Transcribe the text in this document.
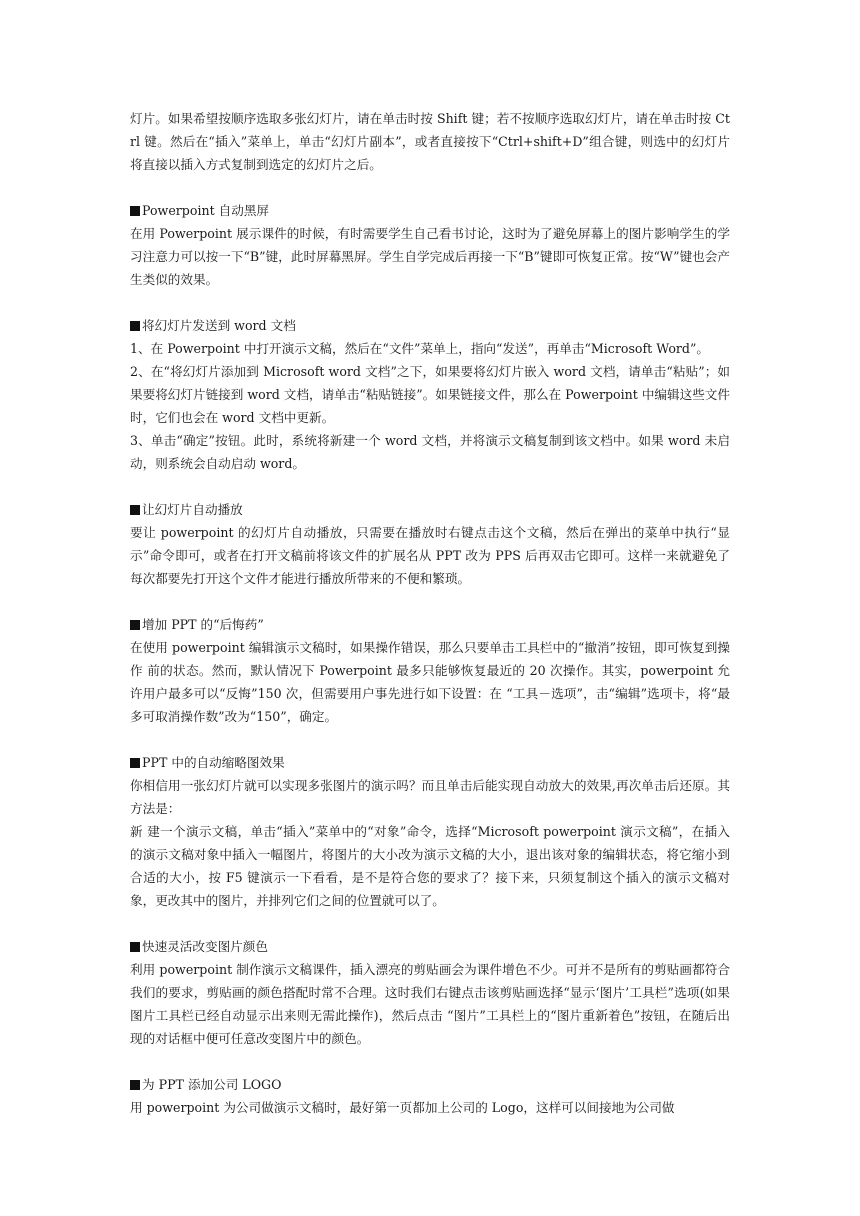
灯片。如果希望按顺序选取多张幻灯片，请在单击时按 Shift 键；若不按顺序选取幻灯片，请在单击时按 Ctrl 键。然后在“插入”菜单上，单击“幻灯片副本”，或者直接按下“Ctrl+shift+D”组合键，则选中的幻灯片将直接以插入方式复制到选定的幻灯片之后。

Powerpoint 自动黑屏

在用 Powerpoint 展示课件的时候，有时需要学生自己看书讨论，这时为了避免屏幕上的图片影响学生的学习注意力可以按一下“B”键，此时屏幕黑屏。学生自学完成后再接一下“B”键即可恢复正常。按“W”键也会产生类似的效果。

将幻灯片发送到 word 文档

1、在 Powerpoint 中打开演示文稿，然后在“文件”菜单上，指向“发送”，再单击“Microsoft Word”。

2、在“将幻灯片添加到 Microsoft word 文档”之下，如果要将幻灯片嵌入 word 文档，请单击“粘贴”；如果要将幻灯片链接到 word 文档，请单击“粘贴链接”。如果链接文件，那么在 Powerpoint 中编辑这些文件时，它们也会在 word 文档中更新。

3、单击“确定”按钮。此时，系统将新建一个 word 文档，并将演示文稿复制到该文档中。如果 word 未启动，则系统会自动启动 word。

让幻灯片自动播放

要让 powerpoint 的幻灯片自动播放，只需要在播放时右键点击这个文稿，然后在弹出的菜单中执行“显示”命令即可，或者在打开文稿前将该文件的扩展名从 PPT 改为 PPS 后再双击它即可。这样一来就避免了每次都要先打开这个文件才能进行播放所带来的不便和繁琐。

增加 PPT 的“后悔药”

在使用 powerpoint 编辑演示文稿时，如果操作错误，那么只要单击工具栏中的“撤消”按钮，即可恢复到操作 前的状态。然而，默认情况下 Powerpoint 最多只能够恢复最近的 20 次操作。其实，powerpoint 允许用户最多可以“反悔”150 次，但需要用户事先进行如下设置：在 “工具－选项”，击“编辑”选项卡，将“最多可取消操作数”改为“150”，确定。

PPT 中的自动缩略图效果

你相信用一张幻灯片就可以实现多张图片的演示吗？而且单击后能实现自动放大的效果,再次单击后还原。其方法是：

新 建一个演示文稿，单击“插入”菜单中的“对象”命令，选择“Microsoft powerpoint 演示文稿”，在插入的演示文稿对象中插入一幅图片，将图片的大小改为演示文稿的大小，退出该对象的编辑状态，将它缩小到合适的大小，按 F5 键演示一下看看，是不是符合您的要求了？接下来，只须复制这个插入的演示文稿对象，更改其中的图片，并排列它们之间的位置就可以了。

快速灵活改变图片颜色

利用 powerpoint 制作演示文稿课件，插入漂亮的剪贴画会为课件增色不少。可并不是所有的剪贴画都符合我们的要求，剪贴画的颜色搭配时常不合理。这时我们右键点击该剪贴画选择“显示‘图片’工具栏”选项(如果图片工具栏已经自动显示出来则无需此操作)，然后点击 “图片”工具栏上的“图片重新着色”按钮，在随后出现的对话框中便可任意改变图片中的颜色。

为 PPT 添加公司 LOGO

用 powerpoint 为公司做演示文稿时，最好第一页都加上公司的 Logo，这样可以间接地为公司做
